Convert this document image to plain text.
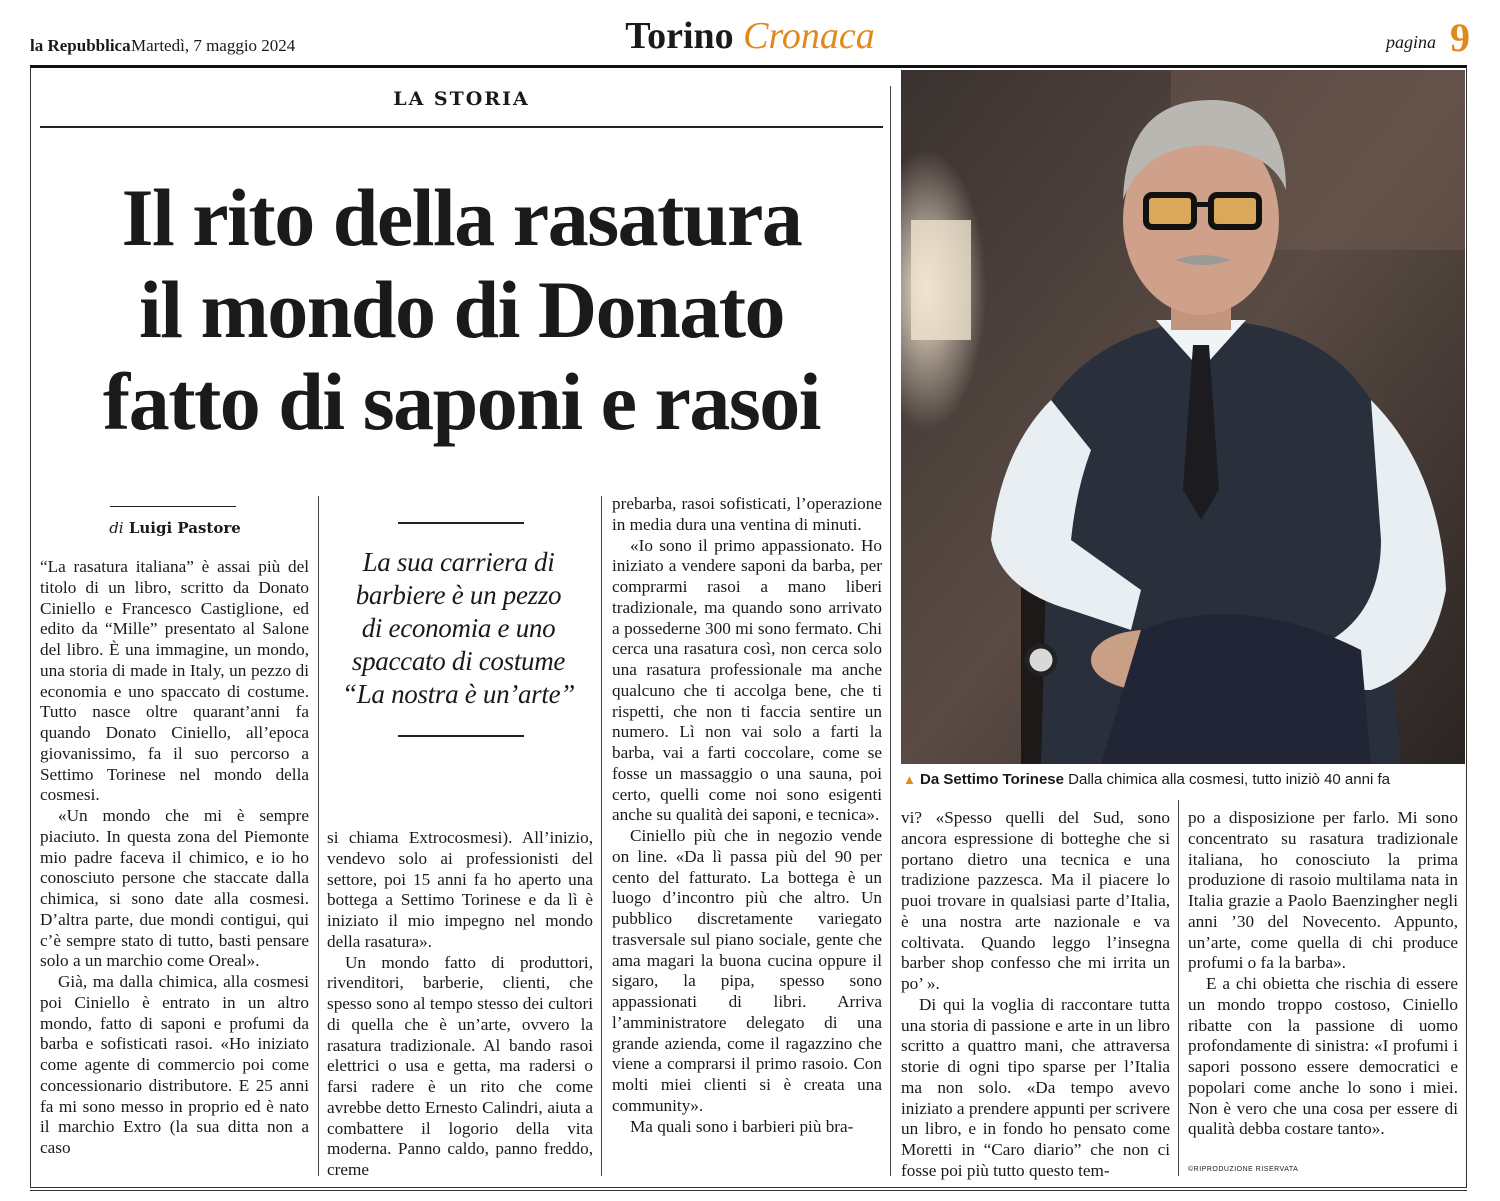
la Repubblica Martedì, 7 maggio 2024	Torino Cronaca	pagina 9
LA STORIA
Il rito della rasatura
il mondo di Donato
fatto di saponi e rasoi
di Luigi Pastore

“La rasatura italiana” è assai più del titolo di un libro, scritto da Donato Ciniello e Francesco Castiglione, ed edito da “Mille” presentato al Salone del libro. È una immagine, un mondo, una storia di made in Italy, un pezzo di economia e uno spaccato di costume. Tutto nasce oltre quarant’anni fa quando Donato Ciniello, all’epoca giovanissimo, fa il suo percorso a Settimo Torinese nel mondo della cosmesi.

«Un mondo che mi è sempre piaciuto. In questa zona del Piemonte mio padre faceva il chimico, e io ho conosciuto persone che staccate dalla chimica, si sono date alla cosmesi. D’altra parte, due mondi contigui, qui c’è sempre stato di tutto, basti pensare solo a un marchio come Oreal».

Già, ma dalla chimica, alla cosmesi poi Ciniello è entrato in un altro mondo, fatto di saponi e profumi da barba e sofisticati rasoi. «Ho iniziato come agente di commercio poi come concessionario distributore. E 25 anni fa mi sono messo in proprio ed è nato il marchio Extro (la sua ditta non a caso

La sua carriera di
barbiere è un pezzo
di economia e uno
spaccato di costume
“La nostra è un’arte”

si chiama Extrocosmesi). All’inizio, vendevo solo ai professionisti del settore, poi 15 anni fa ho aperto una bottega a Settimo Torinese e da lì è iniziato il mio impegno nel mondo della rasatura».

Un mondo fatto di produttori, rivenditori, barberie, clienti, che spesso sono al tempo stesso dei cultori di quella che è un’arte, ovvero la rasatura tradizionale. Al bando rasoi elettrici o usa e getta, ma radersi o farsi radere è un rito che come avrebbe detto Ernesto Calindri, aiuta a combattere il logorio della vita moderna. Panno caldo, panno freddo, creme

prebarba, rasoi sofisticati, l’operazione in media dura una ventina di minuti.

«Io sono il primo appassionato. Ho iniziato a vendere saponi da barba, per comprarmi rasoi a mano liberi tradizionale, ma quando sono arrivato a possederne 300 mi sono fermato. Chi cerca una rasatura così, non cerca solo una rasatura professionale ma anche qualcuno che ti accolga bene, che ti rispetti, che non ti faccia sentire un numero. Lì non vai solo a farti la barba, vai a farti coccolare, come se fosse un massaggio o una sauna, poi certo, quelli come noi sono esigenti anche su qualità dei saponi, e tecnica».

Ciniello più che in negozio vende on line. «Da lì passa più del 90 per cento del fatturato. La bottega è un luogo d’incontro più che altro. Un pubblico discretamente variegato trasversale sul piano sociale, gente che ama magari la buona cucina oppure il sigaro, la pipa, spesso sono appassionati di libri. Arriva l’amministratore delegato di una grande azienda, come il ragazzino che viene a comprarsi il primo rasoio. Con molti miei clienti si è creata una community».

Ma quali sono i barbieri più bra-

▲ Da Settimo Torinese Dalla chimica alla cosmesi, tutto iniziò 40 anni fa

vi? «Spesso quelli del Sud, sono ancora espressione di botteghe che si portano dietro una tecnica e una tradizione pazzesca. Ma il piacere lo puoi trovare in qualsiasi parte d’Italia, è una nostra arte nazionale e va coltivata. Quando leggo l’insegna barber shop confesso che mi irrita un po’ ».

Di qui la voglia di raccontare tutta una storia di passione e arte in un libro scritto a quattro mani, che attraversa storie di ogni tipo sparse per l’Italia ma non solo. «Da tempo avevo iniziato a prendere appunti per scrivere un libro, e in fondo ho pensato come Moretti in “Caro diario” che non ci fosse poi più tutto questo tem-

po a disposizione per farlo. Mi sono concentrato su rasatura tradizionale italiana, ho conosciuto la prima produzione di rasoio multilama nata in Italia grazie a Paolo Baenzingher negli anni ’30 del Novecento. Appunto, un’arte, come quella di chi produce profumi o fa la barba».

E a chi obietta che rischia di essere un mondo troppo costoso, Ciniello ribatte con la passione di uomo profondamente di sinistra: «I profumi i sapori possono essere democratici e popolari come anche lo sono i miei. Non è vero che una cosa per essere di qualità debba costare tanto».

©RIPRODUZIONE RISERVATA
